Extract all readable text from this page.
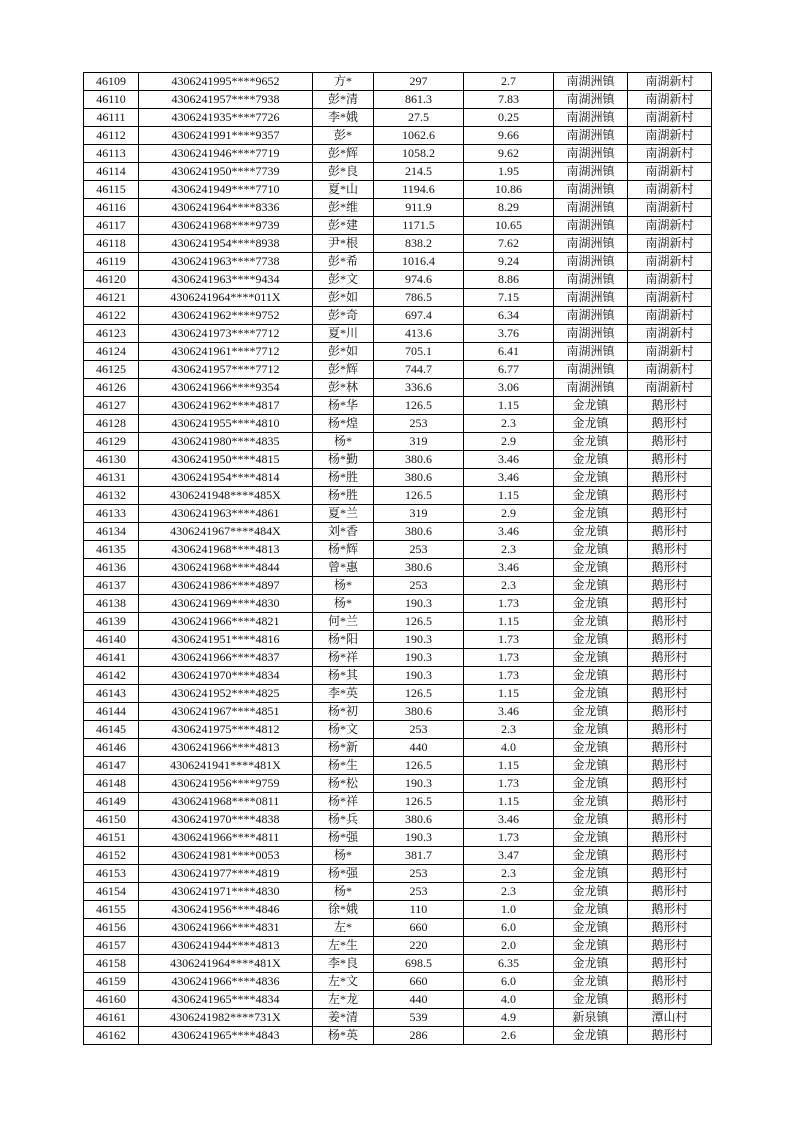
46109	4306241995****9652	方*	297	2.7	南湖洲镇	南湖新村
46110	4306241957****7938	彭*清	861.3	7.83	南湖洲镇	南湖新村
46111	4306241935****7726	李*娥	27.5	0.25	南湖洲镇	南湖新村
46112	4306241991****9357	彭*	1062.6	9.66	南湖洲镇	南湖新村
46113	4306241946****7719	彭*辉	1058.2	9.62	南湖洲镇	南湖新村
46114	4306241950****7739	彭*良	214.5	1.95	南湖洲镇	南湖新村
46115	4306241949****7710	夏*山	1194.6	10.86	南湖洲镇	南湖新村
46116	4306241964****8336	彭*维	911.9	8.29	南湖洲镇	南湖新村
46117	4306241968****9739	彭*建	1171.5	10.65	南湖洲镇	南湖新村
46118	4306241954****8938	尹*根	838.2	7.62	南湖洲镇	南湖新村
46119	4306241963****7738	彭*希	1016.4	9.24	南湖洲镇	南湖新村
46120	4306241963****9434	彭*文	974.6	8.86	南湖洲镇	南湖新村
46121	4306241964****011X	彭*如	786.5	7.15	南湖洲镇	南湖新村
46122	4306241962****9752	彭*奇	697.4	6.34	南湖洲镇	南湖新村
46123	4306241973****7712	夏*川	413.6	3.76	南湖洲镇	南湖新村
46124	4306241961****7712	彭*如	705.1	6.41	南湖洲镇	南湖新村
46125	4306241957****7712	彭*辉	744.7	6.77	南湖洲镇	南湖新村
46126	4306241966****9354	彭*林	336.6	3.06	南湖洲镇	南湖新村
46127	4306241962****4817	杨*华	126.5	1.15	金龙镇	鹅形村
46128	4306241955****4810	杨*煌	253	2.3	金龙镇	鹅形村
46129	4306241980****4835	杨*	319	2.9	金龙镇	鹅形村
46130	4306241950****4815	杨*勤	380.6	3.46	金龙镇	鹅形村
46131	4306241954****4814	杨*胜	380.6	3.46	金龙镇	鹅形村
46132	4306241948****485X	杨*胜	126.5	1.15	金龙镇	鹅形村
46133	4306241963****4861	夏*兰	319	2.9	金龙镇	鹅形村
46134	4306241967****484X	刘*香	380.6	3.46	金龙镇	鹅形村
46135	4306241968****4813	杨*辉	253	2.3	金龙镇	鹅形村
46136	4306241968****4844	曾*惠	380.6	3.46	金龙镇	鹅形村
46137	4306241986****4897	杨*	253	2.3	金龙镇	鹅形村
46138	4306241969****4830	杨*	190.3	1.73	金龙镇	鹅形村
46139	4306241966****4821	何*兰	126.5	1.15	金龙镇	鹅形村
46140	4306241951****4816	杨*阳	190.3	1.73	金龙镇	鹅形村
46141	4306241966****4837	杨*祥	190.3	1.73	金龙镇	鹅形村
46142	4306241970****4834	杨*其	190.3	1.73	金龙镇	鹅形村
46143	4306241952****4825	李*英	126.5	1.15	金龙镇	鹅形村
46144	4306241967****4851	杨*初	380.6	3.46	金龙镇	鹅形村
46145	4306241975****4812	杨*文	253	2.3	金龙镇	鹅形村
46146	4306241966****4813	杨*新	440	4.0	金龙镇	鹅形村
46147	4306241941****481X	杨*生	126.5	1.15	金龙镇	鹅形村
46148	4306241956****9759	杨*松	190.3	1.73	金龙镇	鹅形村
46149	4306241968****0811	杨*祥	126.5	1.15	金龙镇	鹅形村
46150	4306241970****4838	杨*兵	380.6	3.46	金龙镇	鹅形村
46151	4306241966****4811	杨*强	190.3	1.73	金龙镇	鹅形村
46152	4306241981****0053	杨*	381.7	3.47	金龙镇	鹅形村
46153	4306241977****4819	杨*强	253	2.3	金龙镇	鹅形村
46154	4306241971****4830	杨*	253	2.3	金龙镇	鹅形村
46155	4306241956****4846	徐*娥	110	1.0	金龙镇	鹅形村
46156	4306241966****4831	左*	660	6.0	金龙镇	鹅形村
46157	4306241944****4813	左*生	220	2.0	金龙镇	鹅形村
46158	4306241964****481X	李*良	698.5	6.35	金龙镇	鹅形村
46159	4306241966****4836	左*文	660	6.0	金龙镇	鹅形村
46160	4306241965****4834	左*龙	440	4.0	金龙镇	鹅形村
46161	4306241982****731X	姜*清	539	4.9	新泉镇	潭山村
46162	4306241965****4843	杨*英	286	2.6	金龙镇	鹅形村
